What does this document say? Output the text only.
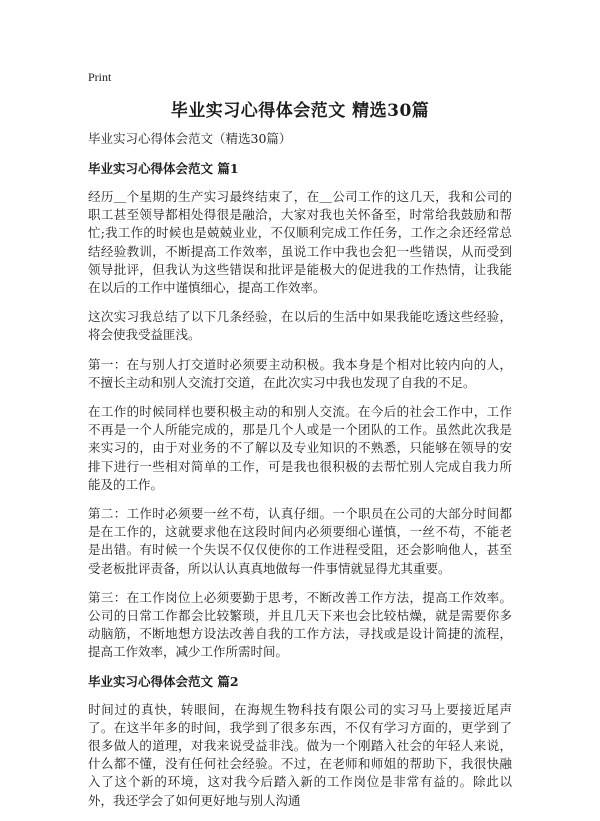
Print
毕业实习心得体会范文 精选30篇

毕业实习心得体会范文（精选30篇）

毕业实习心得体会范文 篇1

经历＿个星期的生产实习最终结束了，在＿公司工作的这几天，我和公司的职工甚至领导都相处得很是融洽，大家对我也关怀备至，时常给我鼓励和帮忙;我工作的时候也是兢兢业业，不仅顺利完成工作任务，工作之余还经常总结经验教训，不断提高工作效率，虽说工作中我也会犯一些错误，从而受到领导批评，但我认为这些错误和批评是能极大的促进我的工作热情，让我能在以后的工作中谨慎细心，提高工作效率。

这次实习我总结了以下几条经验，在以后的生活中如果我能吃透这些经验，将会使我受益匪浅。

第一：在与别人打交道时必须要主动积极。我本身是个相对比较内向的人，不擅长主动和别人交流打交道，在此次实习中我也发现了自我的不足。

在工作的时候同样也要积极主动的和别人交流。在今后的社会工作中，工作不再是一个人所能完成的，那是几个人或是一个团队的工作。虽然此次我是来实习的，由于对业务的不了解以及专业知识的不熟悉，只能够在领导的安排下进行一些相对简单的工作，可是我也很积极的去帮忙别人完成自我力所能及的工作。

第二：工作时必须要一丝不苟，认真仔细。一个职员在公司的大部分时间都是在工作的，这就要求他在这段时间内必须要细心谨慎，一丝不苟，不能老是出错。有时候一个失误不仅仅使你的工作进程受阻，还会影响他人，甚至受老板批评责备，所以认认真真地做每一件事情就显得尤其重要。

第三：在工作岗位上必须要勤于思考，不断改善工作方法，提高工作效率。公司的日常工作都会比较繁琐，并且几天下来也会比较枯燥，就是需要你多动脑筋，不断地想方设法改善自我的工作方法，寻找或是设计简捷的流程，提高工作效率，减少工作所需时间。

毕业实习心得体会范文 篇2

时间过的真快，转眼间，在海规生物科技有限公司的实习马上要接近尾声了。在这半年多的时间，我学到了很多东西，不仅有学习方面的，更学到了很多做人的道理，对我来说受益非浅。做为一个刚踏入社会的年轻人来说，什么都不懂，没有任何社会经验。不过，在老师和师姐的帮助下，我很快融入了这个新的环境，这对我今后踏入新的工作岗位是非常有益的。除此以外，我还学会了如何更好地与别人沟通
